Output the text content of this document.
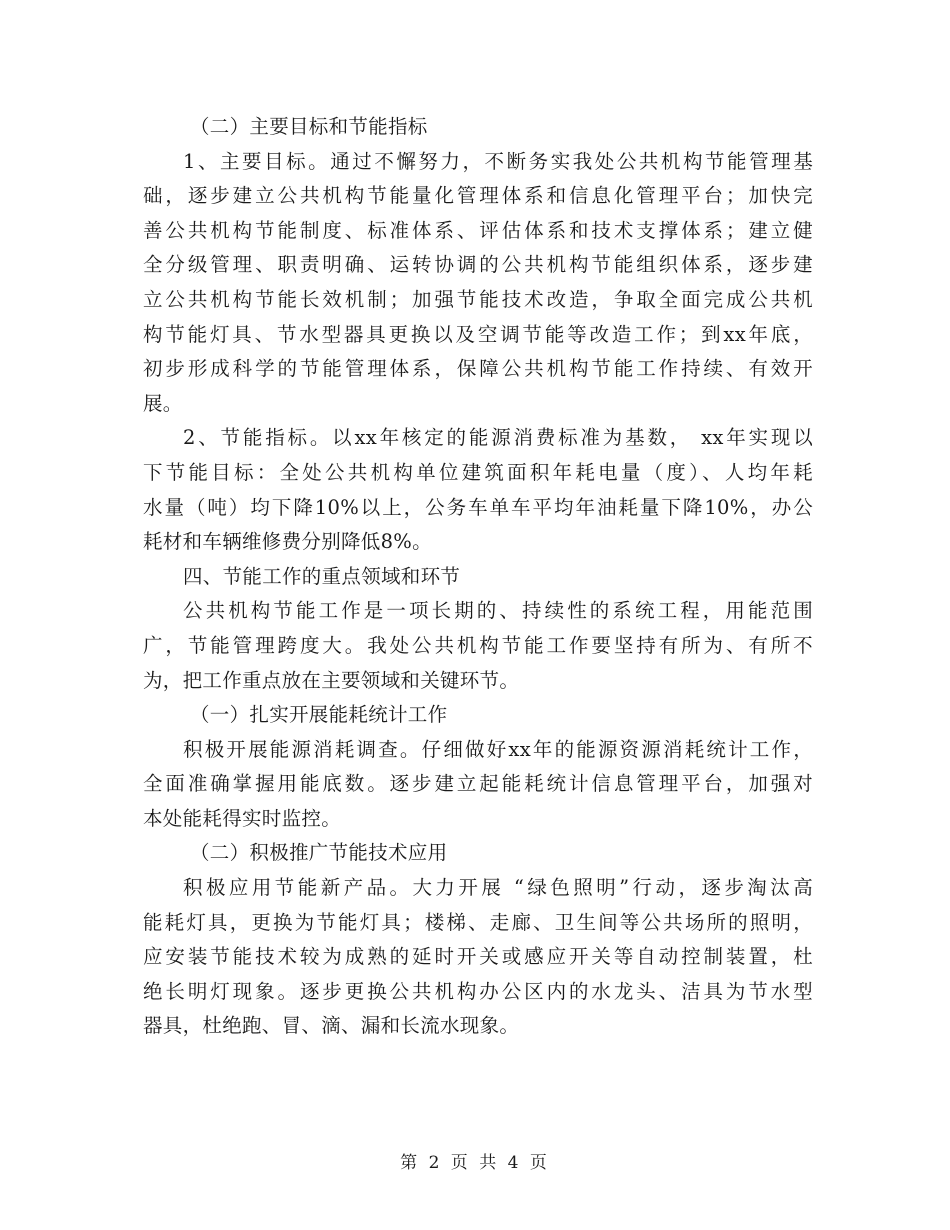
（二）主要目标和节能指标
1、主要目标。通过不懈努力，不断务实我处公共机构节能管理基
础，逐步建立公共机构节能量化管理体系和信息化管理平台；加快完
善公共机构节能制度、标准体系、评估体系和技术支撑体系；建立健
全分级管理、职责明确、运转协调的公共机构节能组织体系，逐步建
立公共机构节能长效机制；加强节能技术改造，争取全面完成公共机
构节能灯具、节水型器具更换以及空调节能等改造工作；到xx年底，
初步形成科学的节能管理体系，保障公共机构节能工作持续、有效开
展。
2、节能指标。以xx年核定的能源消费标准为基数， xx年实现以
下节能目标：全处公共机构单位建筑面积年耗电量（度）、人均年耗
水量（吨）均下降10%以上，公务车单车平均年油耗量下降10%，办公
耗材和车辆维修费分别降低8%。
四、节能工作的重点领域和环节
公共机构节能工作是一项长期的、持续性的系统工程，用能范围
广，节能管理跨度大。我处公共机构节能工作要坚持有所为、有所不
为，把工作重点放在主要领域和关键环节。
（一）扎实开展能耗统计工作
积极开展能源消耗调查。仔细做好xx年的能源资源消耗统计工作，
全面准确掌握用能底数。逐步建立起能耗统计信息管理平台，加强对
本处能耗得实时监控。
（二）积极推广节能技术应用
积极应用节能新产品。大力开展 “绿色照明”行动，逐步淘汰高
能耗灯具，更换为节能灯具；楼梯、走廊、卫生间等公共场所的照明，
应安装节能技术较为成熟的延时开关或感应开关等自动控制装置，杜
绝长明灯现象。逐步更换公共机构办公区内的水龙头、洁具为节水型
器具，杜绝跑、冒、滴、漏和长流水现象。
第 2 页 共 4 页
